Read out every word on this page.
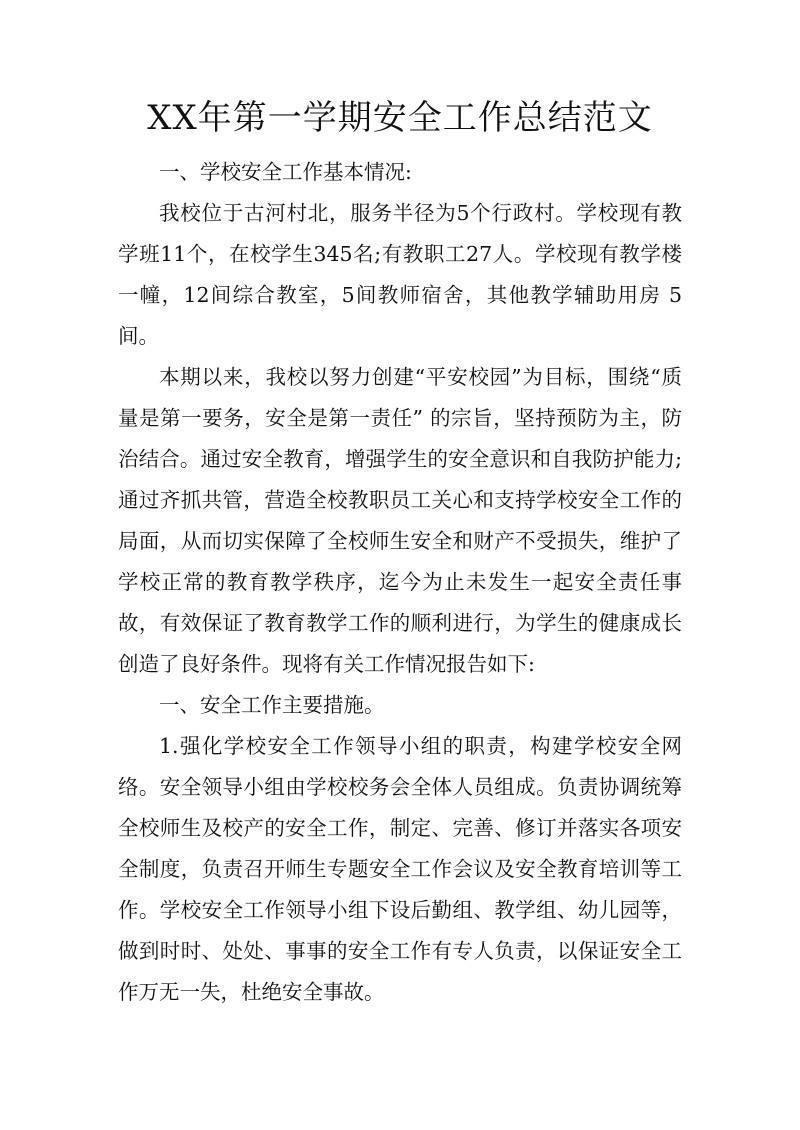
XX年第一学期安全工作总结范文

一、学校安全工作基本情况:

我校位于古河村北，服务半径为5个行政村。学校现有教学班11个，在校学生345名;有教职工27人。学校现有教学楼一幢，12间综合教室，5间教师宿舍，其他教学辅助用房 5 间。

本期以来，我校以努力创建“平安校园”为目标，围绕“质量是第一要务，安全是第一责任” 的宗旨，坚持预防为主，防治结合。通过安全教育，增强学生的安全意识和自我防护能力;通过齐抓共管，营造全校教职员工关心和支持学校安全工作的局面，从而切实保障了全校师生安全和财产不受损失，维护了学校正常的教育教学秩序，迄今为止未发生一起安全责任事故，有效保证了教育教学工作的顺利进行，为学生的健康成长创造了良好条件。现将有关工作情况报告如下:

一、安全工作主要措施。

1.强化学校安全工作领导小组的职责，构建学校安全网络。安全领导小组由学校校务会全体人员组成。负责协调统筹全校师生及校产的安全工作，制定、完善、修订并落实各项安全制度，负责召开师生专题安全工作会议及安全教育培训等工作。学校安全工作领导小组下设后勤组、教学组、幼儿园等，做到时时、处处、事事的安全工作有专人负责，以保证安全工作万无一失，杜绝安全事故。
